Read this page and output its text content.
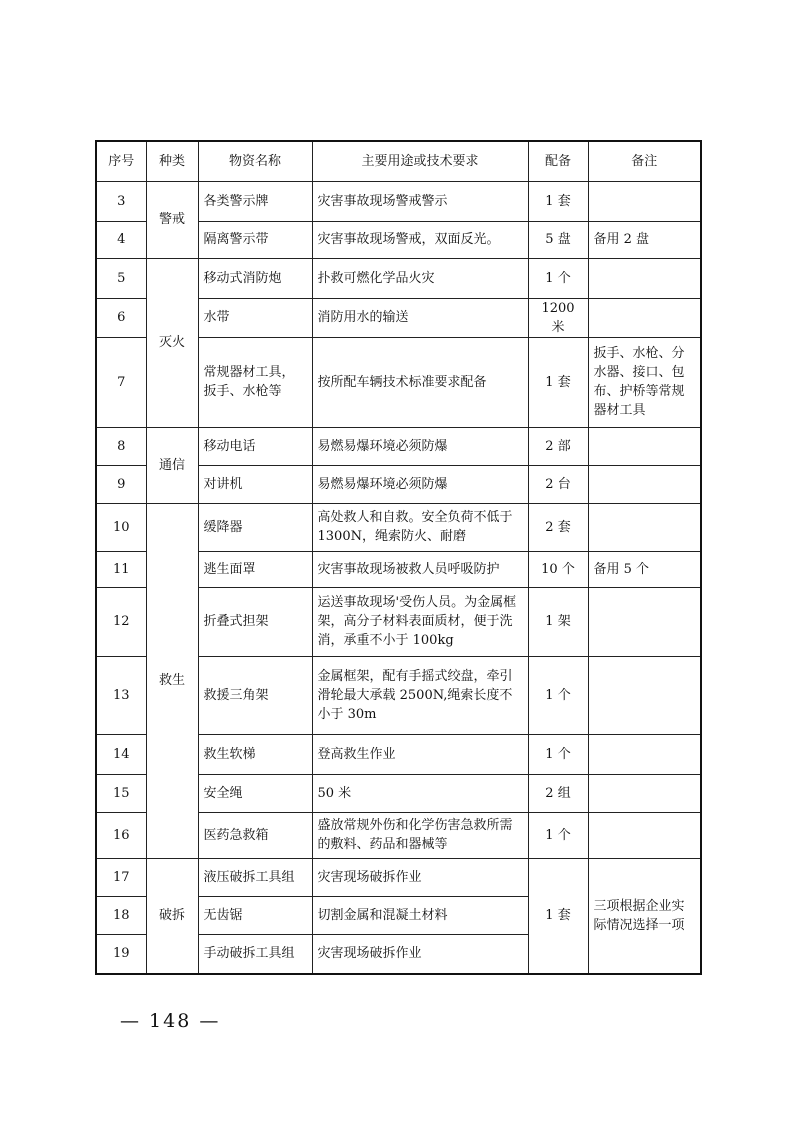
序号	种类	物资名称	主要用途或技术要求	配备	备注
3	警戒	各类警示牌	灾害事故现场警戒警示	1 套	
4		隔离警示带	灾害事故现场警戒，双面反光。	5 盘	备用 2 盘
5	灭火	移动式消防炮	扑救可燃化学品火灾	1 个	
6		水带	消防用水的输送	1200 米	
7		常规器材工具，扳手、水枪等	按所配车辆技术标准要求配备	1 套	扳手、水枪、分水器、接口、包布、护桥等常规器材工具
8	通信	移动电话	易燃易爆环境必须防爆	2 部	
9		对讲机	易燃易爆环境必须防爆	2 台	
10	救生	缓降器	高处救人和自救。安全负荷不低于 1300N，绳索防火、耐磨	2 套	
11		逃生面罩	灾害事故现场被救人员呼吸防护	10 个	备用 5 个
12		折叠式担架	运送事故现场'受伤人员。为金属框架，高分子材料表面质材，便于洗消，承重不小于 100kg	1 架	
13		救援三角架	金属框架，配有手摇式绞盘，牵引滑轮最大承载 2500N,绳索长度不小于 30m	1 个	
14		救生软梯	登高救生作业	1 个	
15		安全绳	50 米	2 组	
16		医药急救箱	盛放常规外伤和化学伤害急救所需的敷料、药品和器械等	1 个	
17	破拆	液压破拆工具组	灾害现场破拆作业	1 套	三项根据企业实际情况选择一项
18		无齿锯	切割金属和混凝土材料		
19		手动破拆工具组	灾害现场破拆作业		
— 148 —
